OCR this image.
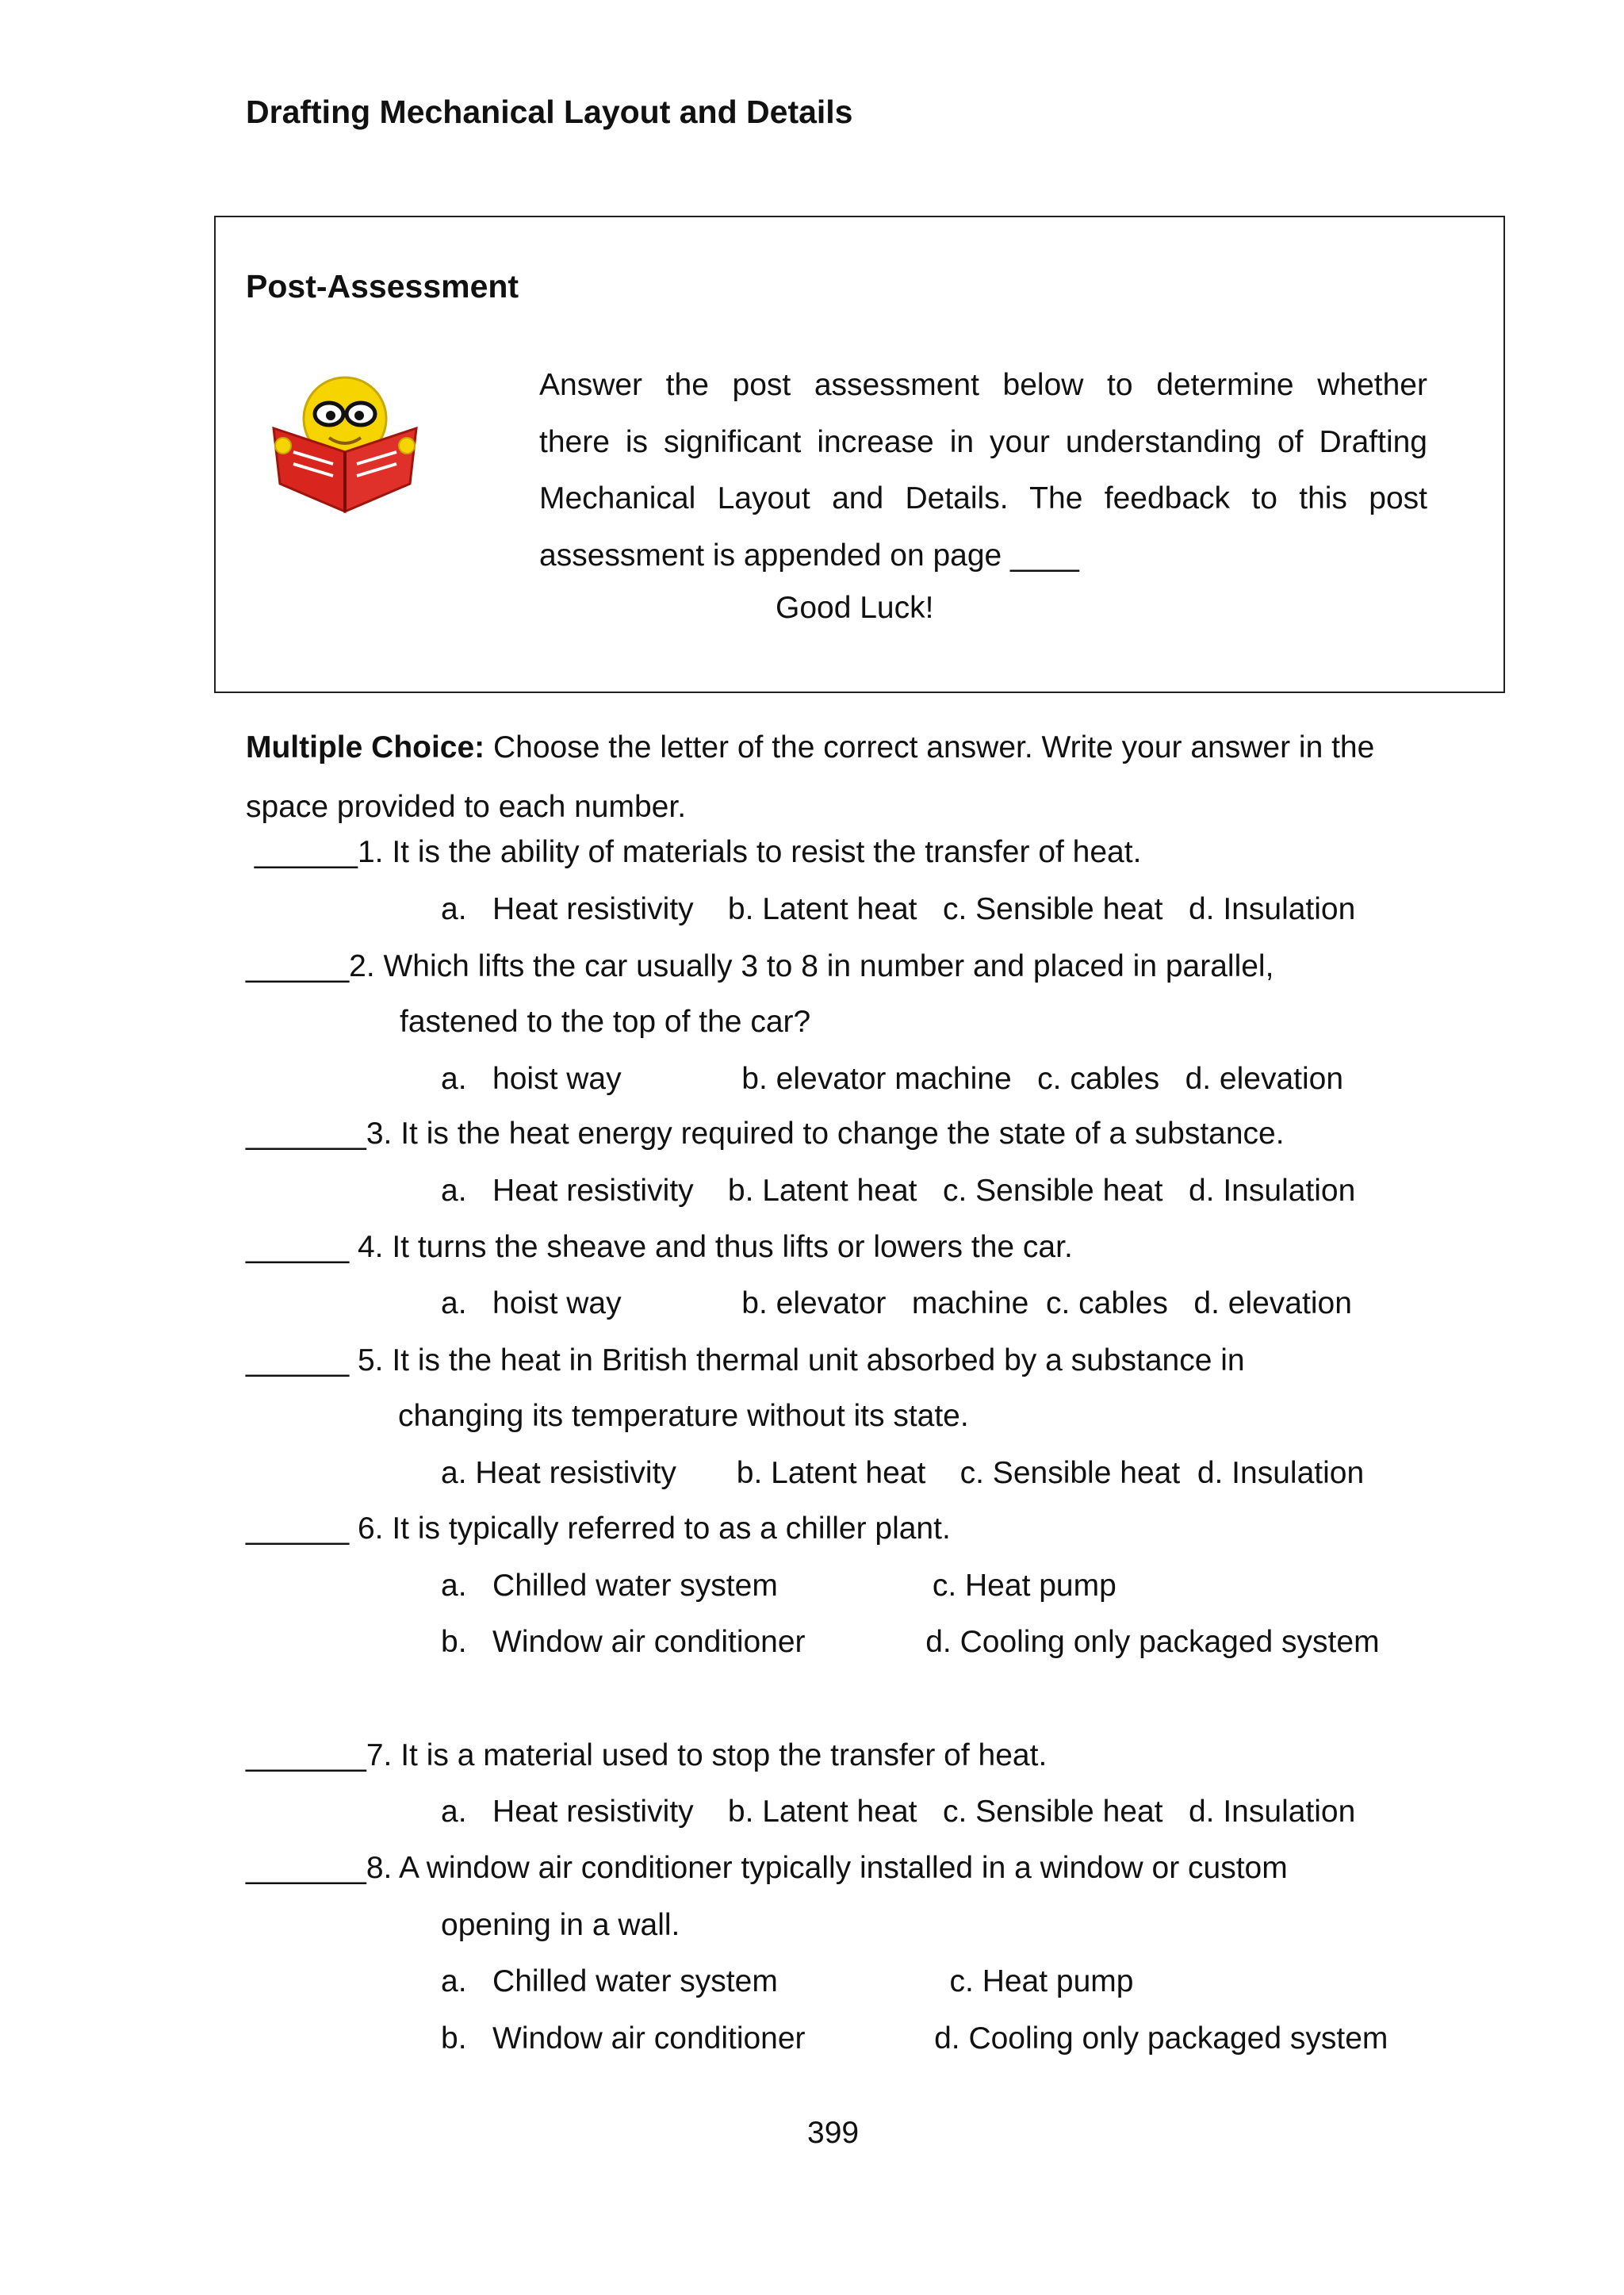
Drafting Mechanical Layout and Details
Post-Assessment
Answer the post assessment below to determine whether
there is significant increase in your understanding of Drafting
Mechanical Layout and Details. The feedback to this post
assessment is appended on page ____
Good Luck!
Multiple Choice: Choose the letter of the correct answer. Write your answer in the space provided to each number.
______1. It is the ability of materials to resist the transfer of heat.
a.   Heat resistivity    b. Latent heat   c. Sensible heat   d. Insulation
______2. Which lifts the car usually 3 to 8 in number and placed in parallel,
fastened to the top of the car?
a.   hoist way              b. elevator machine   c. cables   d. elevation
_______3. It is the heat energy required to change the state of a substance.
a.   Heat resistivity    b. Latent heat   c. Sensible heat   d. Insulation
______ 4. It turns the sheave and thus lifts or lowers the car.
a.   hoist way              b. elevator   machine  c. cables   d. elevation
______ 5. It is the heat in British thermal unit absorbed by a substance in
changing its temperature without its state.
a. Heat resistivity       b. Latent heat    c. Sensible heat  d. Insulation
______ 6. It is typically referred to as a chiller plant.
a.   Chilled water system                  c. Heat pump
b.   Window air conditioner              d. Cooling only packaged system
_______7. It is a material used to stop the transfer of heat.
a.   Heat resistivity    b. Latent heat   c. Sensible heat   d. Insulation
_______8. A window air conditioner typically installed in a window or custom
opening in a wall.
a.   Chilled water system                    c. Heat pump
b.   Window air conditioner               d. Cooling only packaged system
399
